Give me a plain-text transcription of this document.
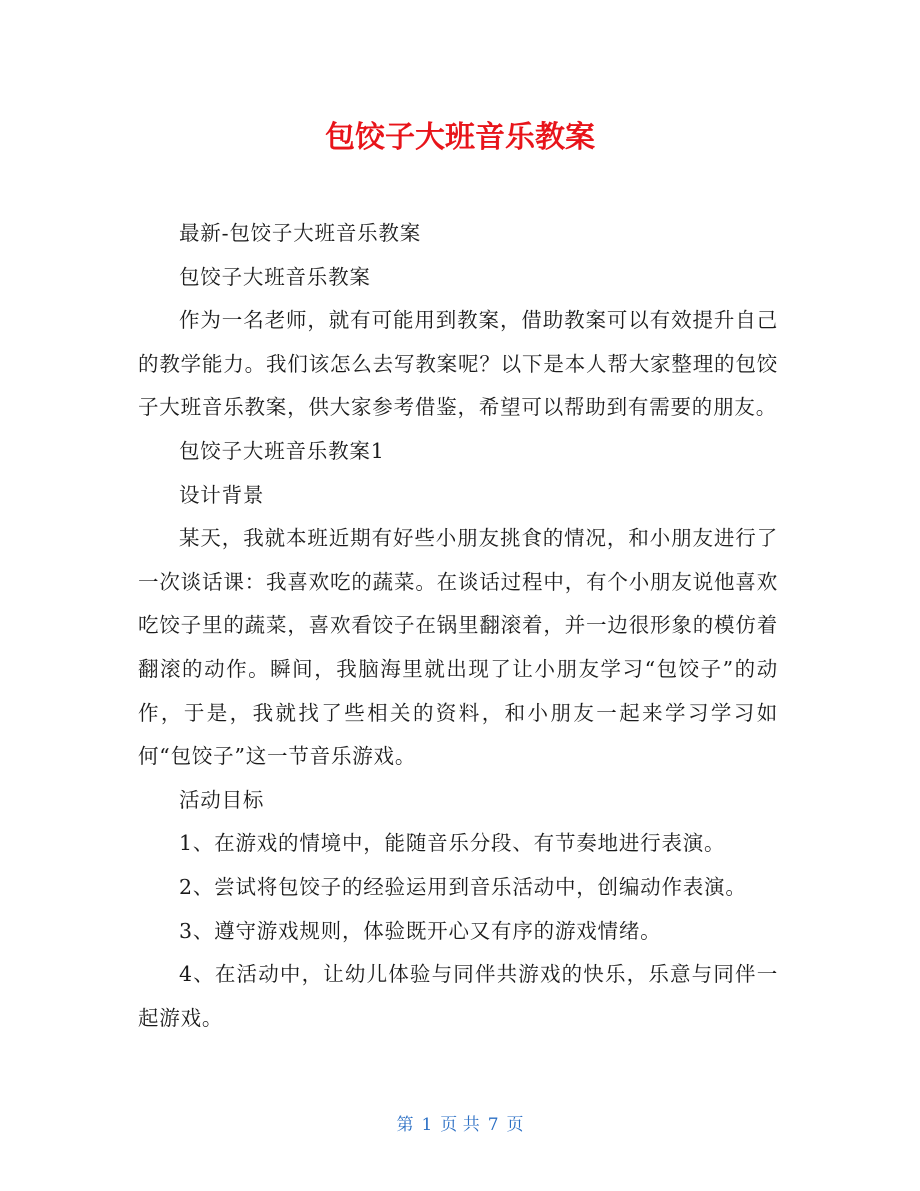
包饺子大班音乐教案

最新-包饺子大班音乐教案

包饺子大班音乐教案

作为一名老师，就有可能用到教案，借助教案可以有效提升自己的教学能力。我们该怎么去写教案呢？以下是本人帮大家整理的包饺子大班音乐教案，供大家参考借鉴，希望可以帮助到有需要的朋友。

包饺子大班音乐教案1

设计背景

某天，我就本班近期有好些小朋友挑食的情况，和小朋友进行了一次谈话课：我喜欢吃的蔬菜。在谈话过程中，有个小朋友说他喜欢吃饺子里的蔬菜，喜欢看饺子在锅里翻滚着，并一边很形象的模仿着翻滚的动作。瞬间，我脑海里就出现了让小朋友学习“包饺子”的动作，于是，我就找了些相关的资料，和小朋友一起来学习学习如何“包饺子”这一节音乐游戏。

活动目标

1、在游戏的情境中，能随音乐分段、有节奏地进行表演。

2、尝试将包饺子的经验运用到音乐活动中，创编动作表演。

3、遵守游戏规则，体验既开心又有序的游戏情绪。

4、在活动中，让幼儿体验与同伴共游戏的快乐，乐意与同伴一起游戏。

第 1 页 共 7 页
